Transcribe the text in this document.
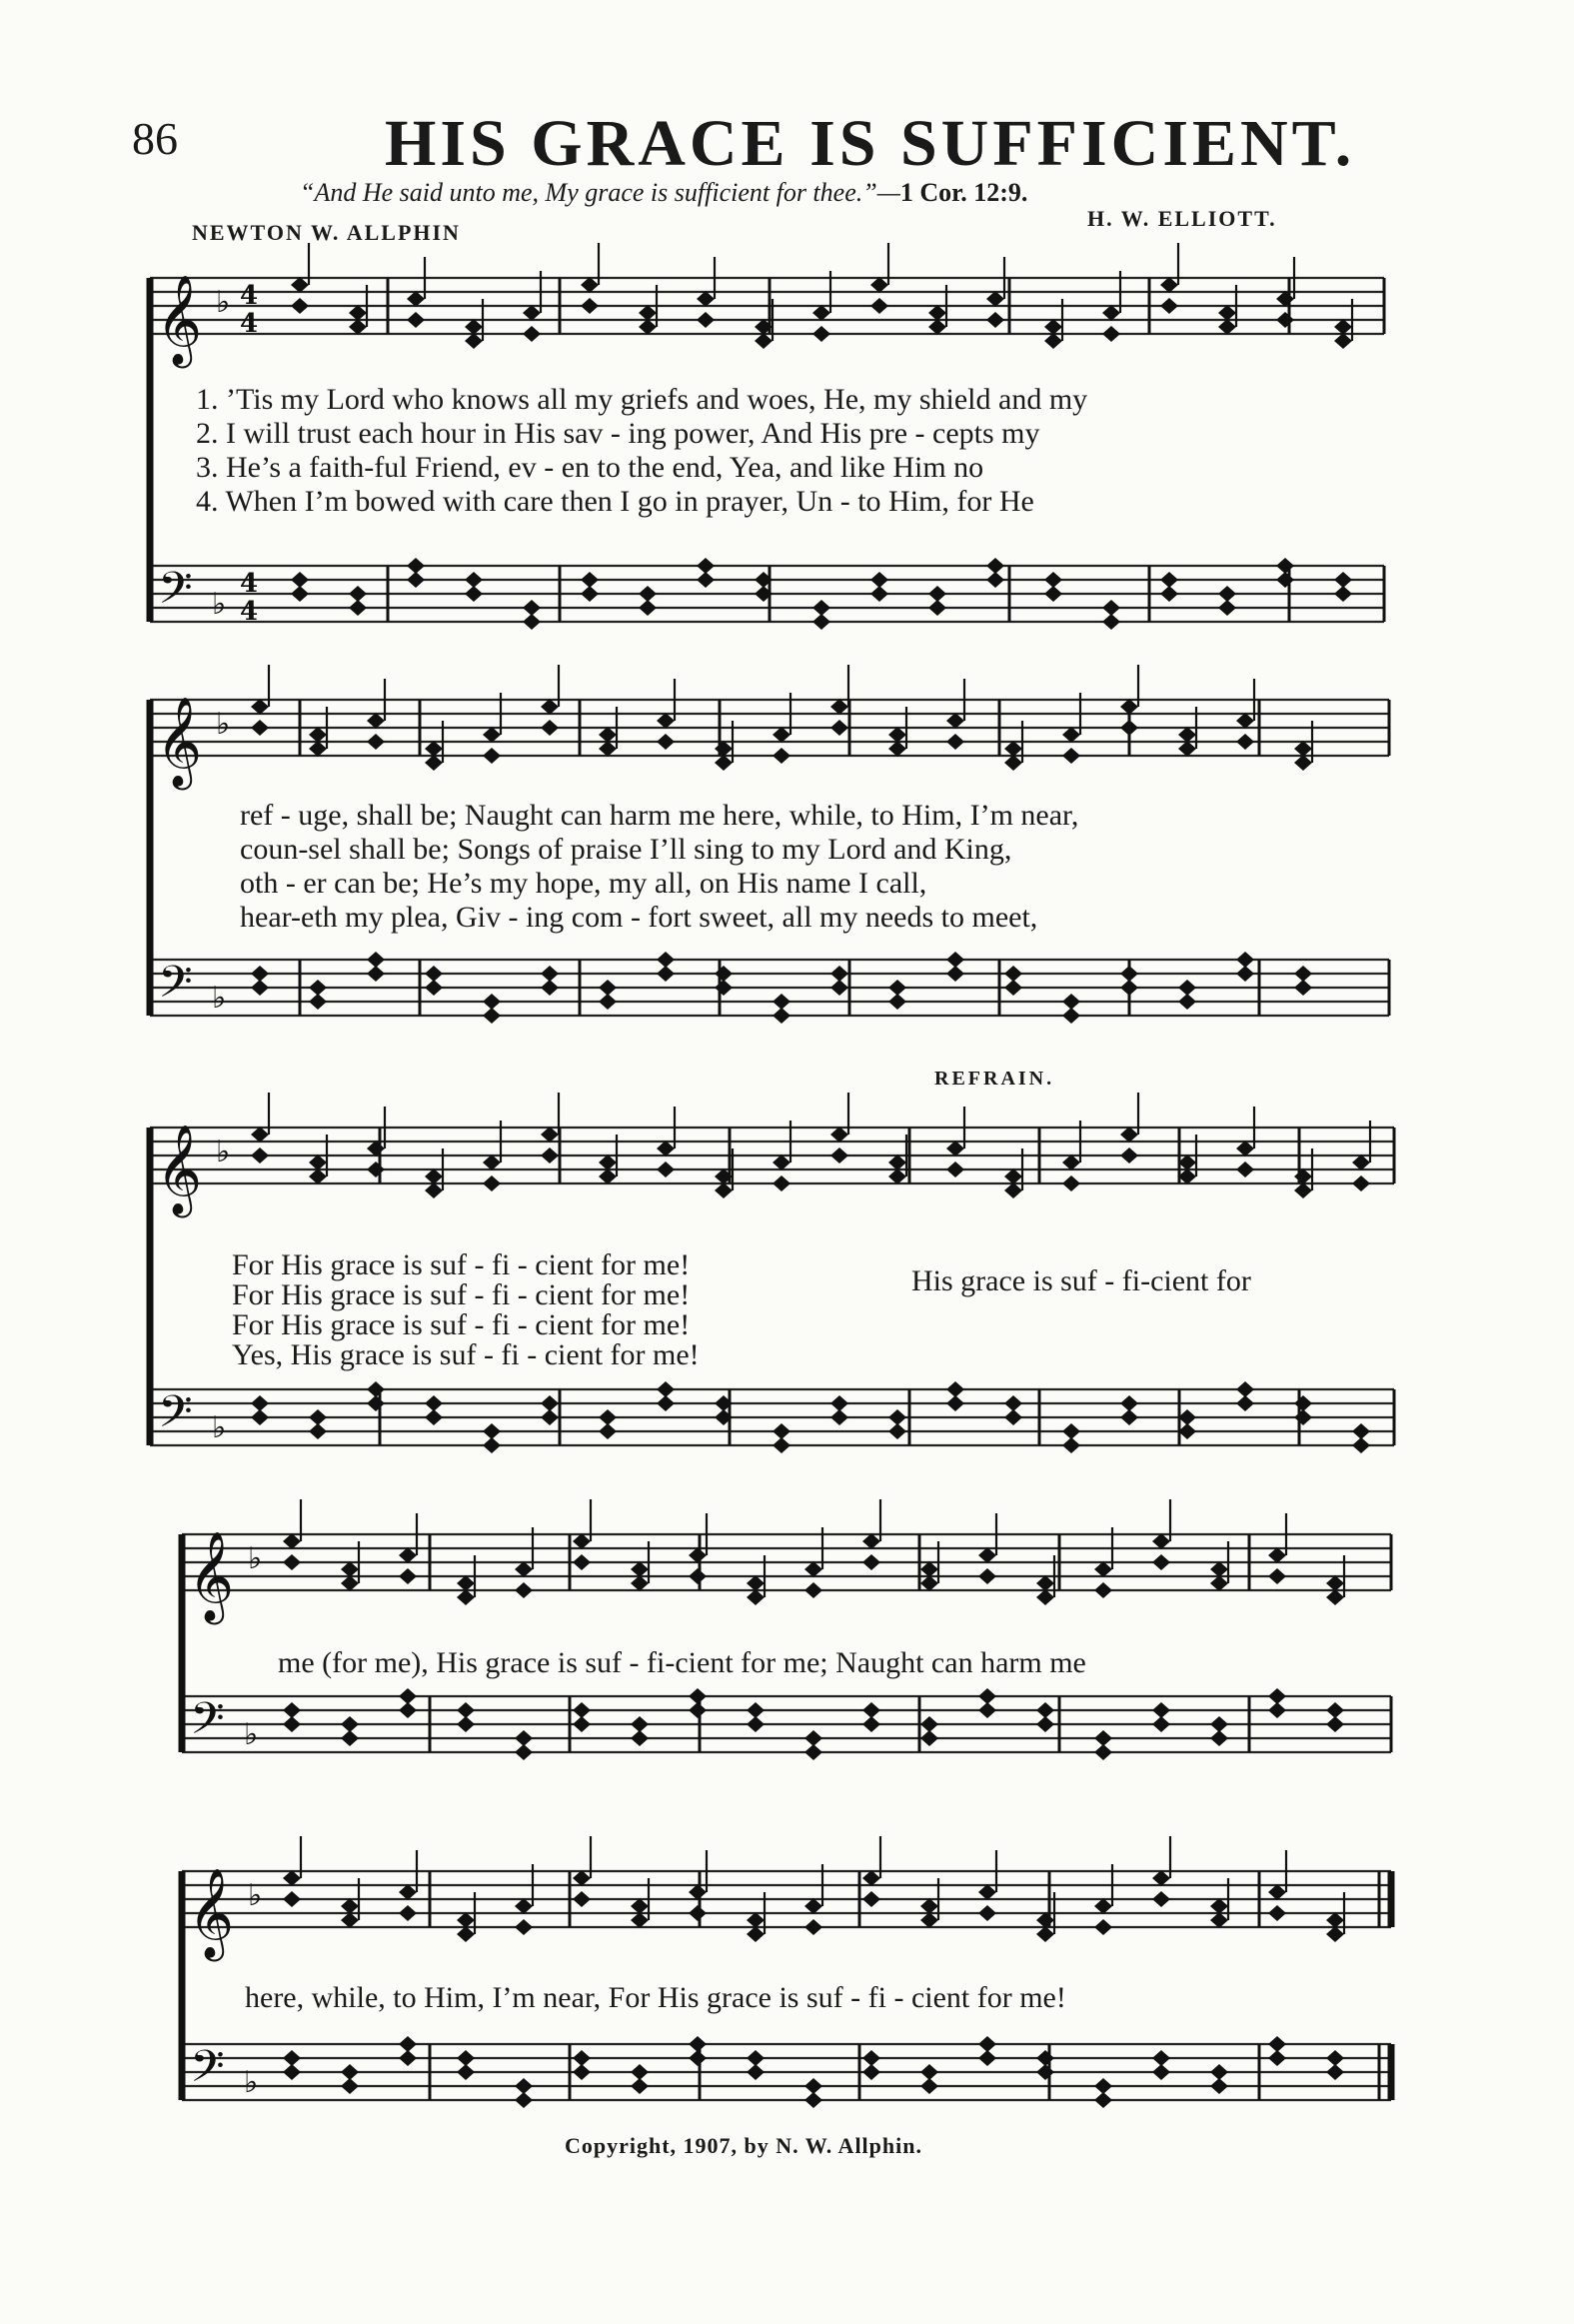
86	HIS GRACE IS SUFFICIENT.
“And He said unto me, My grace is sufficient for thee.”—1 Cor. 12:9.
NEWTON W. ALLPHIN
H. W. ELLIOTT.
𝄞
𝄢
♭
♭
4
4
4
4
𝄞
𝄢
♭
♭
𝄞
𝄢
♭
♭
𝄞
𝄢
♭
♭
𝄞
𝄢
♭
♭
1. ’Tis my Lord who knows all my griefs and woes, He, my shield and my
2. I will trust each hour in His sav - ing power, And His pre - cepts my
3. He’s a faith-ful Friend, ev - en to the end, Yea, and like Him no
4. When I’m bowed with care then I go in prayer, Un - to Him, for He
ref - uge, shall be; Naught can harm me here, while, to Him, I’m near,
coun-sel shall be; Songs of praise I’ll sing to my Lord and King,
oth - er can be; He’s my hope, my all, on His name I call,
hear-eth my plea, Giv - ing com - fort sweet, all my needs to meet,
REFRAIN.
For His grace is suf - fi - cient for me!
For His grace is suf - fi - cient for me!
For His grace is suf - fi - cient for me!
Yes, His grace is suf - fi - cient for me!
His grace is suf - fi-cient for
me (for me), His grace is suf - fi-cient for me; Naught can harm me
here, while, to Him, I’m near, For His grace is suf - fi - cient for me!
Copyright, 1907, by N. W. Allphin.
